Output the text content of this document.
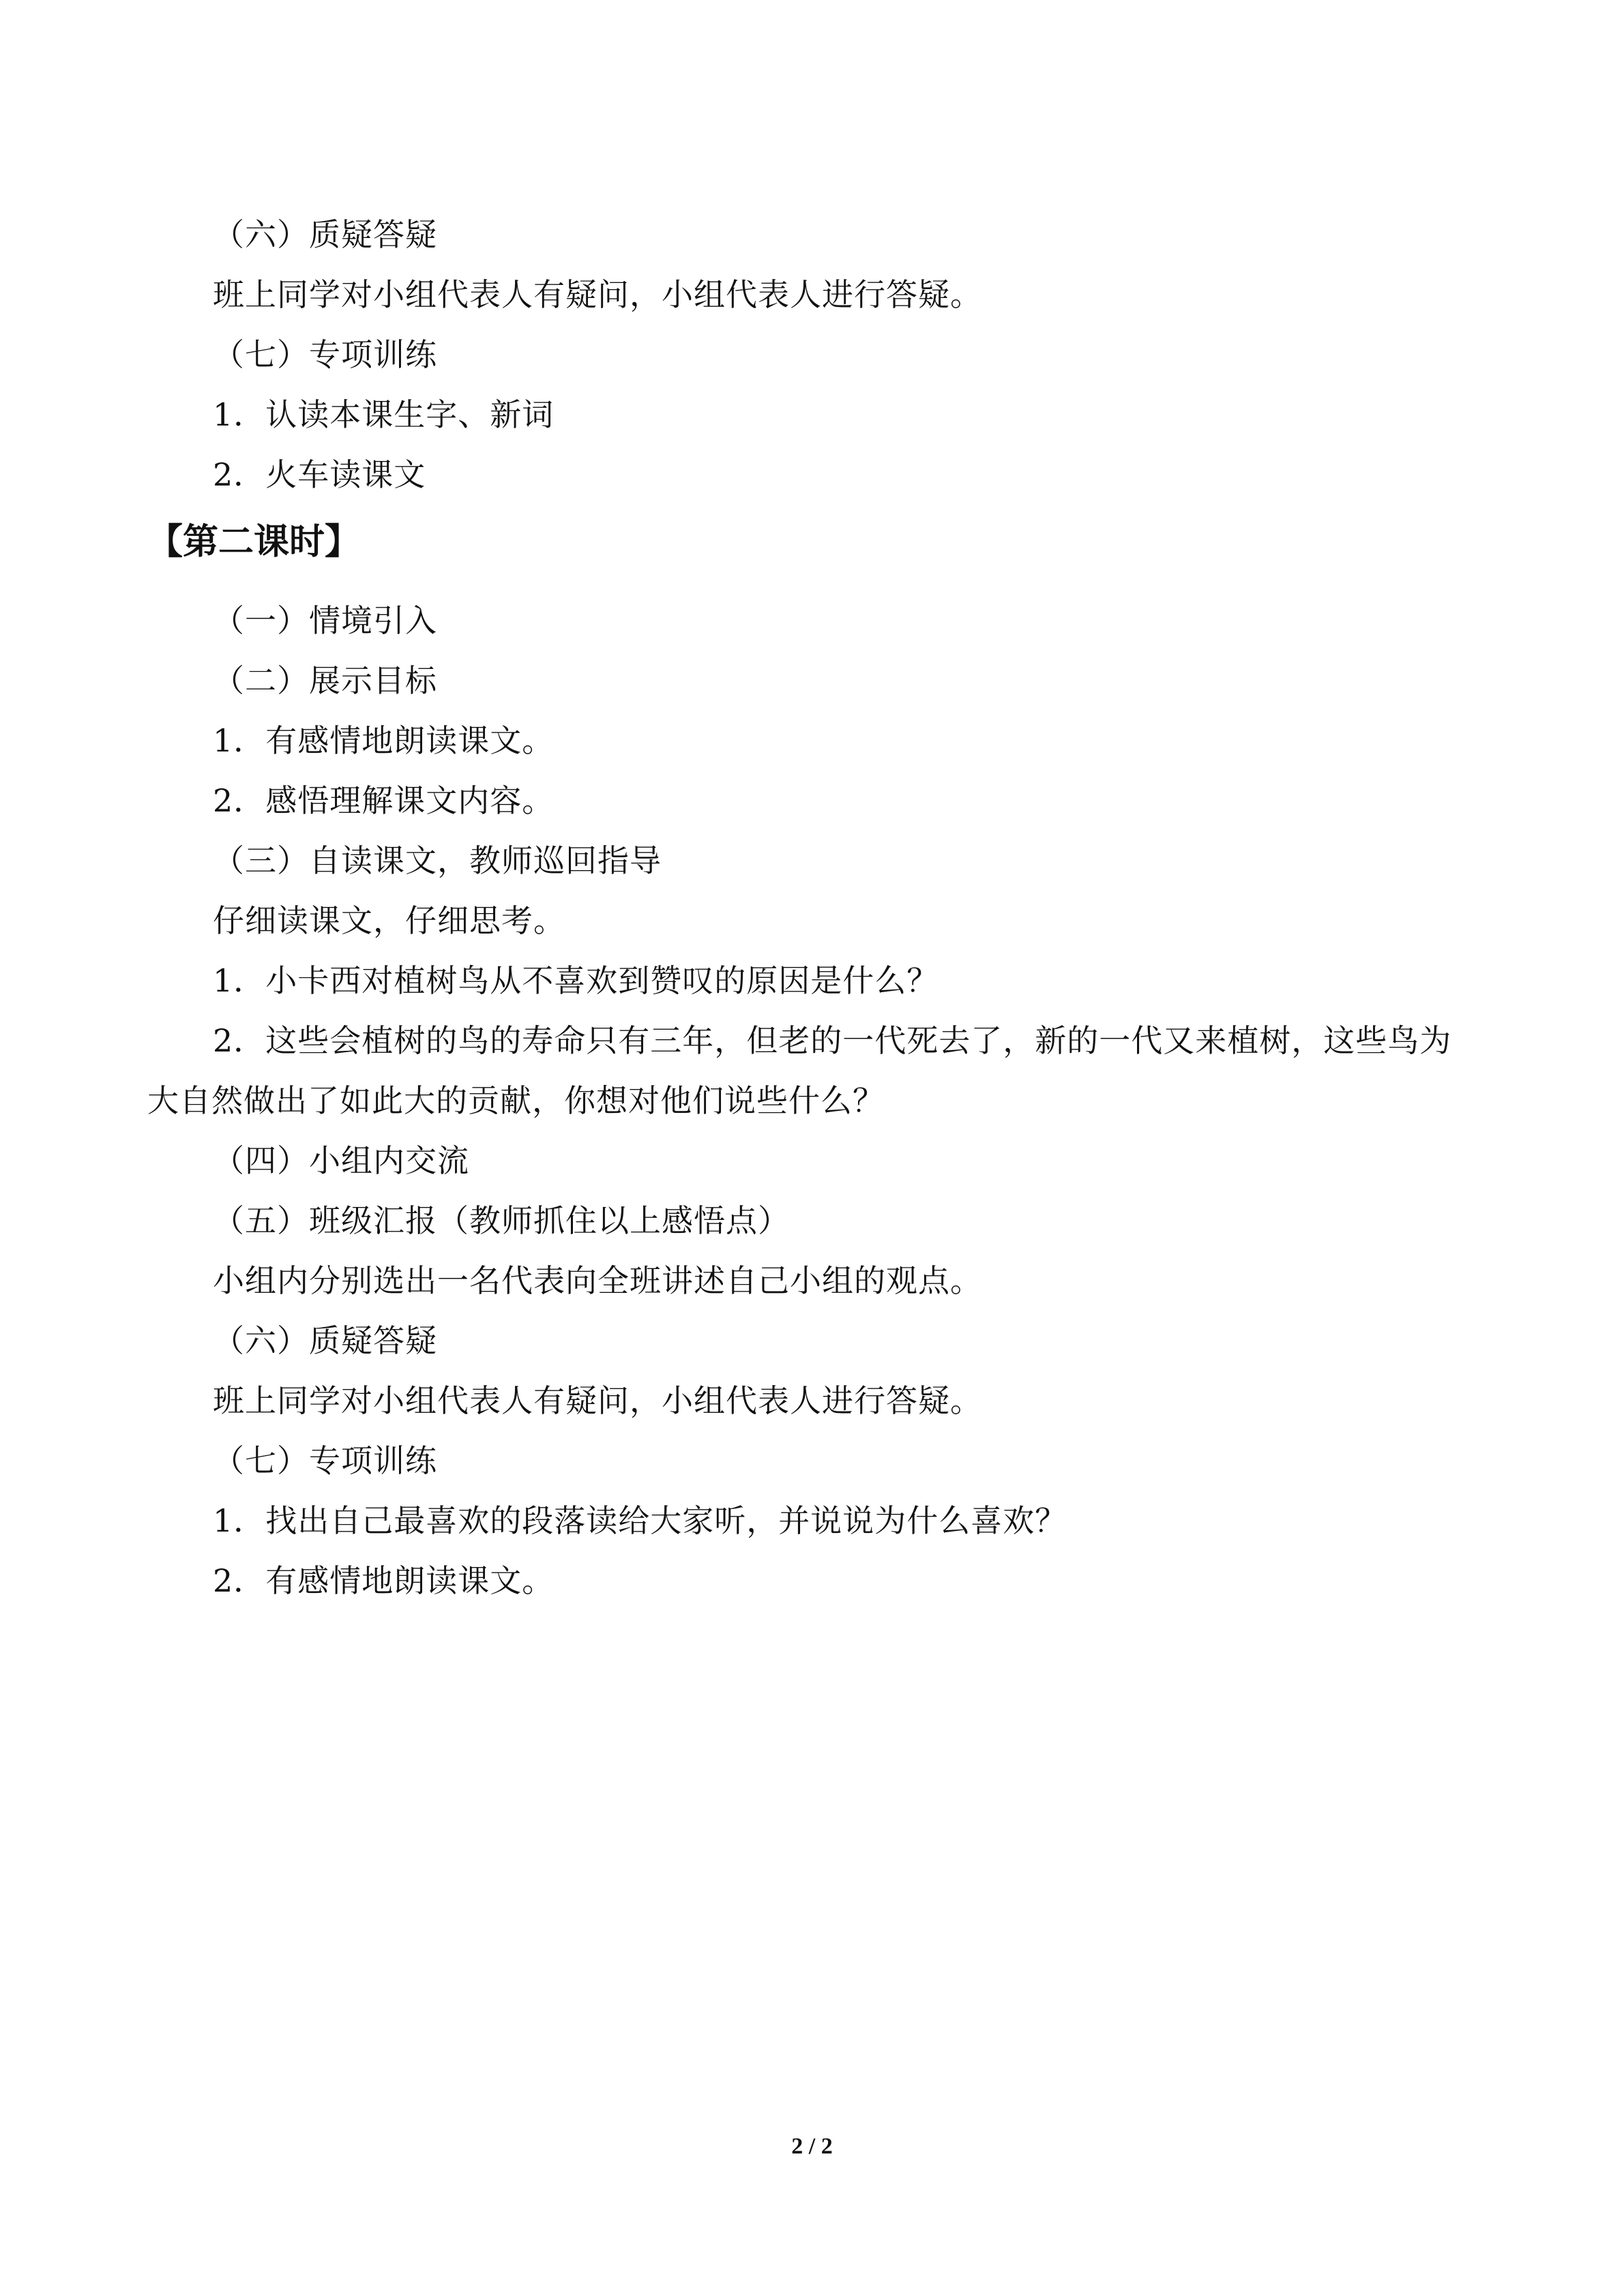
（六）质疑答疑
班上同学对小组代表人有疑问，小组代表人进行答疑。
（七）专项训练
1．认读本课生字、新词
2．火车读课文
【第二课时】
（一）情境引入
（二）展示目标
1．有感情地朗读课文。
2．感悟理解课文内容。
（三）自读课文，教师巡回指导
仔细读课文，仔细思考。
1．小卡西对植树鸟从不喜欢到赞叹的原因是什么？
2．这些会植树的鸟的寿命只有三年，但老的一代死去了，新的一代又来植树，这些鸟为
大自然做出了如此大的贡献，你想对他们说些什么？
（四）小组内交流
（五）班级汇报（教师抓住以上感悟点）
小组内分别选出一名代表向全班讲述自己小组的观点。
（六）质疑答疑
班上同学对小组代表人有疑问，小组代表人进行答疑。
（七）专项训练
1．找出自己最喜欢的段落读给大家听，并说说为什么喜欢？
2．有感情地朗读课文。
2 / 2
